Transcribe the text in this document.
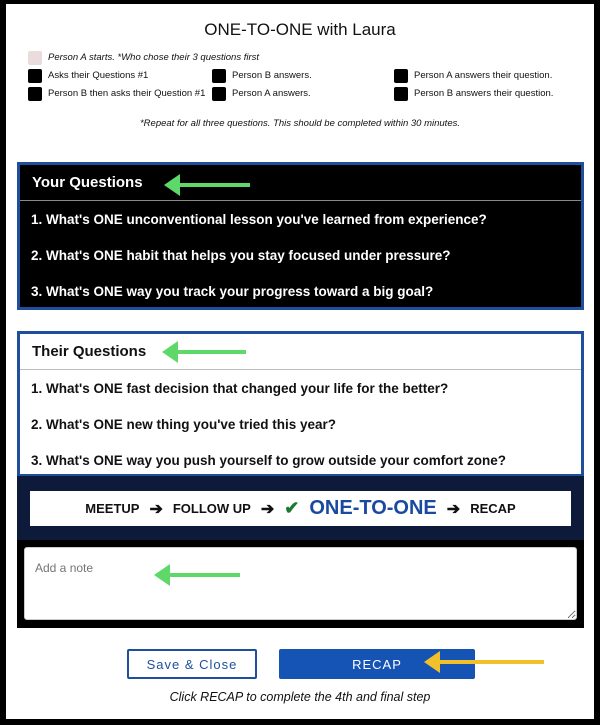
ONE-TO-ONE with Laura
Person A starts. *Who chose their 3 questions first
Asks their Questions #1	Person B answers.	Person A answers their question.
Person B then asks their Question #1	Person A answers.	Person B answers their question.
*Repeat for all three questions. This should be completed within 30 minutes.
Your Questions
1. What's ONE unconventional lesson you've learned from experience?
2. What's ONE habit that helps you stay focused under pressure?
3. What's ONE way you track your progress toward a big goal?
Their Questions
1. What's ONE fast decision that changed your life for the better?
2. What's ONE new thing you've tried this year?
3. What's ONE way you push yourself to grow outside your comfort zone?
MEETUP ➔ FOLLOW UP ➔ ✔ ONE-TO-ONE ➔ RECAP
Add a note
Save & Close	RECAP
Click RECAP to complete the 4th and final step
